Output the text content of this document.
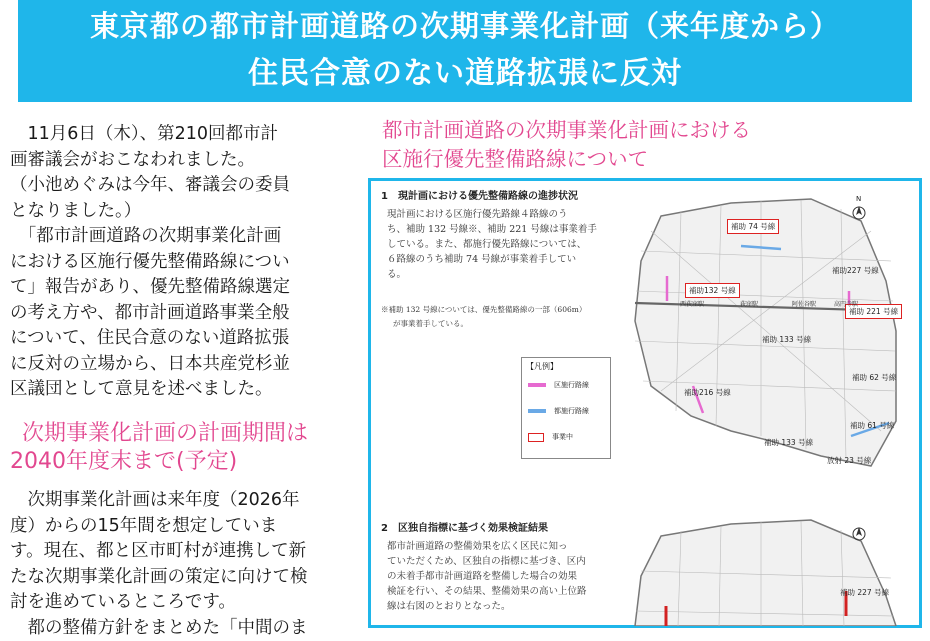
東京都の都市計画道路の次期事業化計画（来年度から）
住民合意のない道路拡張に反対
　11月6日（木）、第210回都市計
画審議会がおこなわれました。
（小池めぐみは今年、審議会の委員
となりました。）
　「都市計画道路の次期事業化計画
における区施行優先整備路線につい
て」報告があり、優先整備路線選定
の考え方や、都市計画道路事業全般
について、住民合意のない道路拡張
に反対の立場から、日本共産党杉並
区議団として意見を述べました。
次期事業化計画の計画期間は
2040年度末まで(予定)
　次期事業化計画は来年度（2026年
度）からの15年間を想定していま
す。現在、都と区市町村が連携して新
たな次期事業化計画の策定に向けて検
討を進めているところです。
　都の整備方針をまとめた「中間のま
都市計画道路の次期事業化計画における
区施行優先整備路線について
1　現計画における優先整備路線の進捗状況
現計画における区施行優先路線４路線のう
ち、補助 132 号線※、補助 221 号線は事業着手
している。また、都施行優先路線については、
６路線のうち補助 74 号線が事業着手してい
る。
※補助 132 号線については、優先整備路線の一部（606m）
が事業着手している。
【凡例】
区施行路線
都施行路線
事業中
2　区独自指標に基づく効果検証結果
都市計画道路の整備効果を広く区民に知っ
ていただくため、区独自の指標に基づき、区内
の未着手都市計画道路を整備した場合の効果
検証を行い、その結果、整備効果の高い上位路
線は右図のとおりとなった。
N
補助 74 号線
補助132 号線
補助 221 号線
補助227 号線
補助 133 号線
補助216 号線
補助 62 号線
補助 61 号線
補助 133 号線
放射 23 号線
西荻窪駅	荻窪駅	阿佐谷駅	高円寺駅
補助 227 号線
